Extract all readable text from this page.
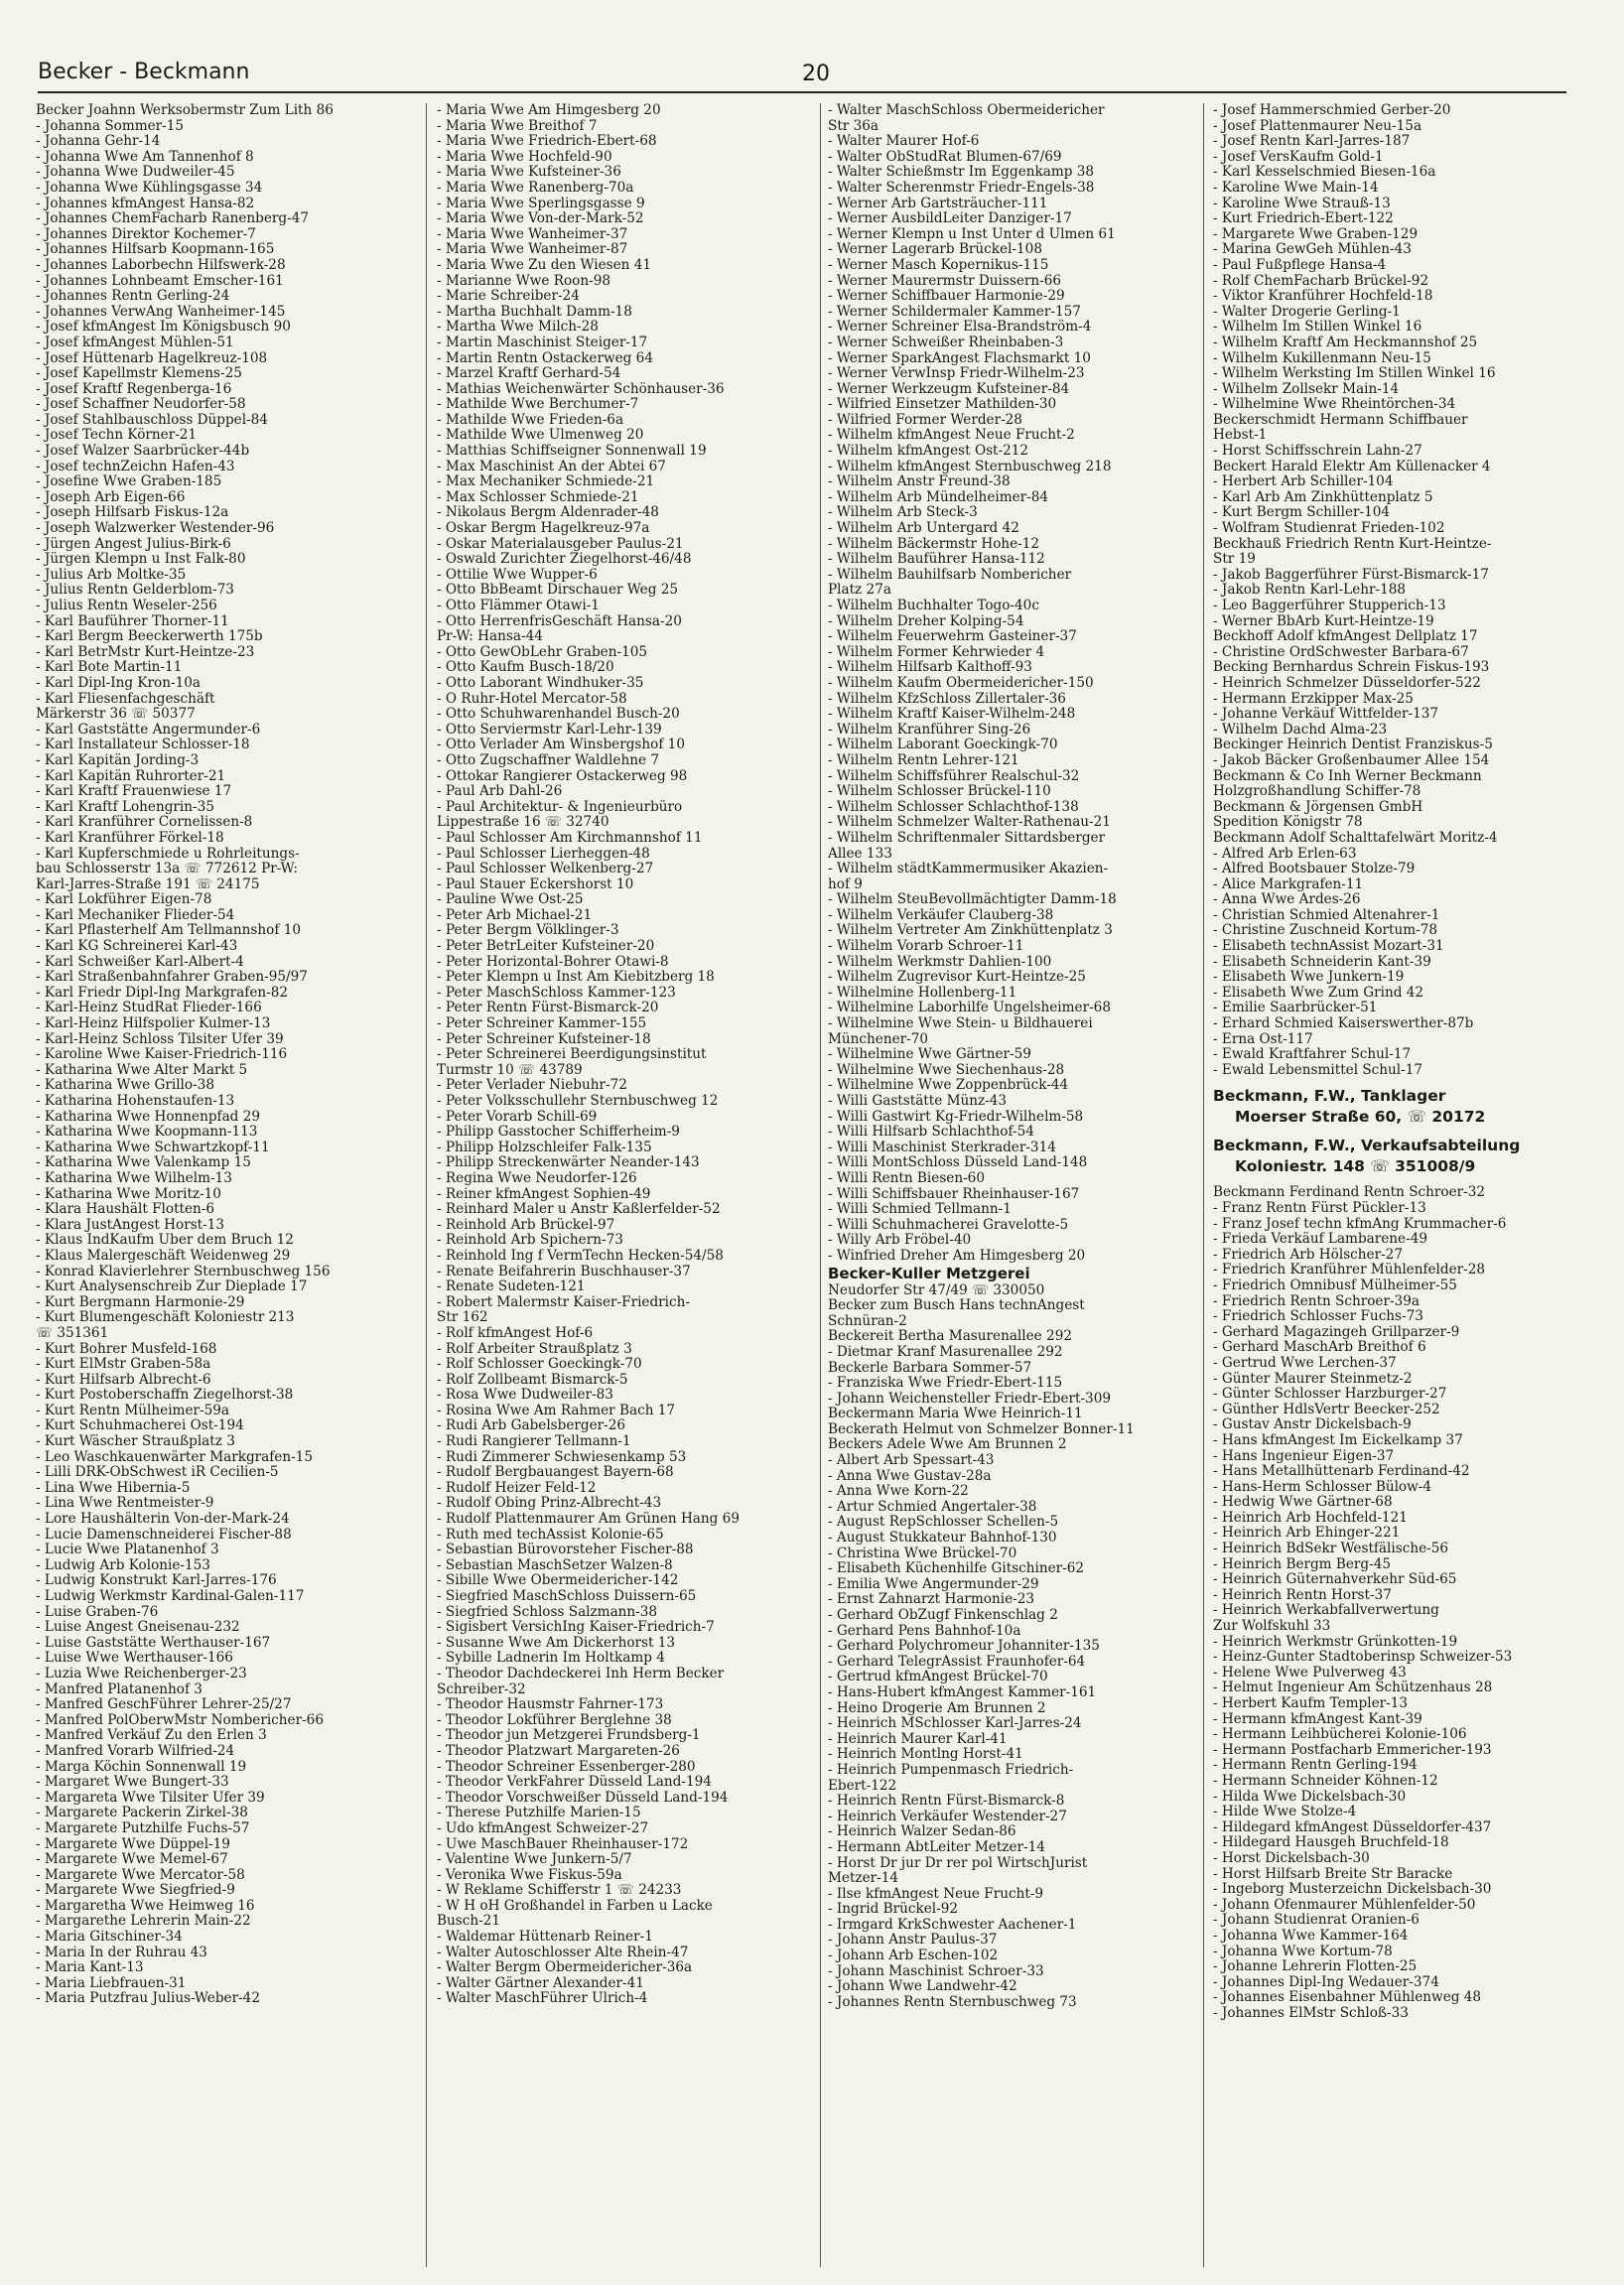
Becker - Beckmann	20
Becker Joahnn Werksobermstr Zum Lith 86
- Johanna Sommer-15
- Johanna Gehr-14
- Johanna Wwe Am Tannenhof 8
- Johanna Wwe Dudweiler-45
- Johanna Wwe Kühlingsgasse 34
- Johannes kfmAngest Hansa-82
- Johannes ChemFacharb Ranenberg-47
- Johannes Direktor Kochemer-7
- Johannes Hilfsarb Koopmann-165
- Johannes Laborbechn Hilfswerk-28
- Johannes Lohnbeamt Emscher-161
- Johannes Rentn Gerling-24
- Johannes VerwAng Wanheimer-145
- Josef kfmAngest Im Königsbusch 90
- Josef kfmAngest Mühlen-51
- Josef Hüttenarb Hagelkreuz-108
- Josef Kapellmstr Klemens-25
- Josef Kraftf Regenberga-16
- Josef Schaffner Neudorfer-58
- Josef Stahlbauschloss Düppel-84
- Josef Techn Körner-21
- Josef Walzer Saarbrücker-44b
- Josef technZeichn Hafen-43
- Josefine Wwe Graben-185
- Joseph Arb Eigen-66
- Joseph Hilfsarb Fiskus-12a
- Joseph Walzwerker Westender-96
- Jürgen Angest Julius-Birk-6
- Jürgen Klempn u Inst Falk-80
- Julius Arb Moltke-35
- Julius Rentn Gelderblom-73
- Julius Rentn Weseler-256
- Karl Bauführer Thorner-11
- Karl Bergm Beeckerwerth 175b
- Karl BetrMstr Kurt-Heintze-23
- Karl Bote Martin-11
- Karl Dipl-Ing Kron-10a
- Karl Fliesenfachgeschäft
Märkerstr 36 ☏ 50377
- Karl Gaststätte Angermunder-6
- Karl Installateur Schlosser-18
- Karl Kapitän Jording-3
- Karl Kapitän Ruhrorter-21
- Karl Kraftf Frauenwiese 17
- Karl Kraftf Lohengrin-35
- Karl Kranführer Cornelissen-8
- Karl Kranführer Förkel-18
- Karl Kupferschmiede u Rohrleitungs-
bau Schlosserstr 13a ☏ 772612 Pr-W:
Karl-Jarres-Straße 191 ☏ 24175
- Karl Lokführer Eigen-78
- Karl Mechaniker Flieder-54
- Karl Pflasterhelf Am Tellmannshof 10
- Karl KG Schreinerei Karl-43
- Karl Schweißer Karl-Albert-4
- Karl Straßenbahnfahrer Graben-95/97
- Karl Friedr Dipl-Ing Markgrafen-82
- Karl-Heinz StudRat Flieder-166
- Karl-Heinz Hilfspolier Kulmer-13
- Karl-Heinz Schloss Tilsiter Ufer 39
- Karoline Wwe Kaiser-Friedrich-116
- Katharina Wwe Alter Markt 5
- Katharina Wwe Grillo-38
- Katharina Hohenstaufen-13
- Katharina Wwe Honnenpfad 29
- Katharina Wwe Koopmann-113
- Katharina Wwe Schwartzkopf-11
- Katharina Wwe Valenkamp 15
- Katharina Wwe Wilhelm-13
- Katharina Wwe Moritz-10
- Klara Haushält Flotten-6
- Klara JustAngest Horst-13
- Klaus IndKaufm Über dem Bruch 12
- Klaus Malergeschäft Weidenweg 29
- Konrad Klavierlehrer Sternbuschweg 156
- Kurt Analysenschreib Zur Dieplade 17
- Kurt Bergmann Harmonie-29
- Kurt Blumengeschäft Koloniestr 213
☏ 351361
- Kurt Bohrer Musfeld-168
- Kurt ElMstr Graben-58a
- Kurt Hilfsarb Albrecht-6
- Kurt Postoberschaffn Ziegelhorst-38
- Kurt Rentn Mülheimer-59a
- Kurt Schuhmacherei Ost-194
- Kurt Wäscher Straußplatz 3
- Leo Waschkauenwärter Markgrafen-15
- Lilli DRK-ObSchwest iR Cecilien-5
- Lina Wwe Hibernia-5
- Lina Wwe Rentmeister-9
- Lore Haushälterin Von-der-Mark-24
- Lucie Damenschneiderei Fischer-88
- Lucie Wwe Platanenhof 3
- Ludwig Arb Kolonie-153
- Ludwig Konstrukt Karl-Jarres-176
- Ludwig Werkmstr Kardinal-Galen-117
- Luise Graben-76
- Luise Angest Gneisenau-232
- Luise Gaststätte Werthauser-167
- Luise Wwe Werthauser-166
- Luzia Wwe Reichenberger-23
- Manfred Platanenhof 3
- Manfred GeschFührer Lehrer-25/27
- Manfred PolOberwMstr Nombericher-66
- Manfred Verkäuf Zu den Erlen 3
- Manfred Vorarb Wilfried-24
- Marga Köchin Sonnenwall 19
- Margaret Wwe Bungert-33
- Margareta Wwe Tilsiter Ufer 39
- Margarete Packerin Zirkel-38
- Margarete Putzhilfe Fuchs-57
- Margarete Wwe Düppel-19
- Margarete Wwe Memel-67
- Margarete Wwe Mercator-58
- Margarete Wwe Siegfried-9
- Margaretha Wwe Heimweg 16
- Margarethe Lehrerin Main-22
- Maria Gitschiner-34
- Maria In der Ruhrau 43
- Maria Kant-13
- Maria Liebfrauen-31
- Maria Putzfrau Julius-Weber-42
- Maria Wwe Am Himgesberg 20
- Maria Wwe Breithof 7
- Maria Wwe Friedrich-Ebert-68
- Maria Wwe Hochfeld-90
- Maria Wwe Kufsteiner-36
- Maria Wwe Ranenberg-70a
- Maria Wwe Sperlingsgasse 9
- Maria Wwe Von-der-Mark-52
- Maria Wwe Wanheimer-37
- Maria Wwe Wanheimer-87
- Maria Wwe Zu den Wiesen 41
- Marianne Wwe Roon-98
- Marie Schreiber-24
- Martha Buchhalt Damm-18
- Martha Wwe Milch-28
- Martin Maschinist Steiger-17
- Martin Rentn Ostackerweg 64
- Marzel Kraftf Gerhard-54
- Mathias Weichenwärter Schönhauser-36
- Mathilde Wwe Berchumer-7
- Mathilde Wwe Frieden-6a
- Mathilde Wwe Ulmenweg 20
- Matthias Schiffseigner Sonnenwall 19
- Max Maschinist An der Abtei 67
- Max Mechaniker Schmiede-21
- Max Schlosser Schmiede-21
- Nikolaus Bergm Aldenrader-48
- Oskar Bergm Hagelkreuz-97a
- Oskar Materialausgeber Paulus-21
- Oswald Zurichter Ziegelhorst-46/48
- Ottilie Wwe Wupper-6
- Otto BbBeamt Dirschauer Weg 25
- Otto Flämmer Otawi-1
- Otto HerrenfrisGeschäft Hansa-20
Pr-W: Hansa-44
- Otto GewObLehr Graben-105
- Otto Kaufm Busch-18/20
- Otto Laborant Windhuker-35
- O Ruhr-Hotel Mercator-58
- Otto Schuhwarenhandel Busch-20
- Otto Serviermstr Karl-Lehr-139
- Otto Verlader Am Winsbergshof 10
- Otto Zugschaffner Waldlehne 7
- Ottokar Rangierer Ostackerweg 98
- Paul Arb Dahl-26
- Paul Architektur- & Ingenieurbüro
Lippestraße 16 ☏ 32740
- Paul Schlosser Am Kirchmannshof 11
- Paul Schlosser Lierheggen-48
- Paul Schlosser Welkenberg-27
- Paul Stauer Eckershorst 10
- Pauline Wwe Ost-25
- Peter Arb Michael-21
- Peter Bergm Völklinger-3
- Peter BetrLeiter Kufsteiner-20
- Peter Horizontal-Bohrer Otawi-8
- Peter Klempn u Inst Am Kiebitzberg 18
- Peter MaschSchloss Kammer-123
- Peter Rentn Fürst-Bismarck-20
- Peter Schreiner Kammer-155
- Peter Schreiner Kufsteiner-18
- Peter Schreinerei Beerdigungsinstitut
Turmstr 10 ☏ 43789
- Peter Verlader Niebuhr-72
- Peter Volksschullehr Sternbuschweg 12
- Peter Vorarb Schill-69
- Philipp Gasstocher Schifferheim-9
- Philipp Holzschleifer Falk-135
- Philipp Streckenwärter Neander-143
- Regina Wwe Neudorfer-126
- Reiner kfmAngest Sophien-49
- Reinhard Maler u Anstr Kaßlerfelder-52
- Reinhold Arb Brückel-97
- Reinhold Arb Spichern-73
- Reinhold Ing f VermTechn Hecken-54/58
- Renate Beifahrerin Buschhauser-37
- Renate Sudeten-121
- Robert Malermstr Kaiser-Friedrich-
Str 162
- Rolf kfmAngest Hof-6
- Rolf Arbeiter Straußplatz 3
- Rolf Schlosser Goeckingk-70
- Rolf Zollbeamt Bismarck-5
- Rosa Wwe Dudweiler-83
- Rosina Wwe Am Rahmer Bach 17
- Rudi Arb Gabelsberger-26
- Rudi Rangierer Tellmann-1
- Rudi Zimmerer Schwiesenkamp 53
- Rudolf Bergbauangest Bayern-68
- Rudolf Heizer Feld-12
- Rudolf Obing Prinz-Albrecht-43
- Rudolf Plattenmaurer Am Grünen Hang 69
- Ruth med techAssist Kolonie-65
- Sebastian Bürovorsteher Fischer-88
- Sebastian MaschSetzer Walzen-8
- Sibille Wwe Obermeidericher-142
- Siegfried MaschSchloss Duissern-65
- Siegfried Schloss Salzmann-38
- Sigisbert VersichIng Kaiser-Friedrich-7
- Susanne Wwe Am Dickerhorst 13
- Sybille Ladnerin Im Holtkamp 4
- Theodor Dachdeckerei Inh Herm Becker
Schreiber-32
- Theodor Hausmstr Fahrner-173
- Theodor Lokführer Berglehne 38
- Theodor jun Metzgerei Frundsberg-1
- Theodor Platzwart Margareten-26
- Theodor Schreiner Essenberger-280
- Theodor VerkFahrer Düsseld Land-194
- Theodor Vorschweißer Düsseld Land-194
- Therese Putzhilfe Marien-15
- Udo kfmAngest Schweizer-27
- Uwe MaschBauer Rheinhauser-172
- Valentine Wwe Junkern-5/7
- Veronika Wwe Fiskus-59a
- W Reklame Schifferstr 1 ☏ 24233
- W H oH Großhandel in Farben u Lacke
Busch-21
- Waldemar Hüttenarb Reiner-1
- Walter Autoschlosser Alte Rhein-47
- Walter Bergm Obermeidericher-36a
- Walter Gärtner Alexander-41
- Walter MaschFührer Ulrich-4
- Walter MaschSchloss Obermeidericher
Str 36a
- Walter Maurer Hof-6
- Walter ObStudRat Blumen-67/69
- Walter Schießmstr Im Eggenkamp 38
- Walter Scherenmstr Friedr-Engels-38
- Werner Arb Gartsträucher-111
- Werner AusbildLeiter Danziger-17
- Werner Klempn u Inst Unter d Ulmen 61
- Werner Lagerarb Brückel-108
- Werner Masch Kopernikus-115
- Werner Maurermstr Duissern-66
- Werner Schiffbauer Harmonie-29
- Werner Schildermaler Kammer-157
- Werner Schreiner Elsa-Brandström-4
- Werner Schweißer Rheinbaben-3
- Werner SparkAngest Flachsmarkt 10
- Werner VerwInsp Friedr-Wilhelm-23
- Werner Werkzeugm Kufsteiner-84
- Wilfried Einsetzer Mathilden-30
- Wilfried Former Werder-28
- Wilhelm kfmAngest Neue Frucht-2
- Wilhelm kfmAngest Ost-212
- Wilhelm kfmAngest Sternbuschweg 218
- Wilhelm Anstr Freund-38
- Wilhelm Arb Mündelheimer-84
- Wilhelm Arb Steck-3
- Wilhelm Arb Untergard 42
- Wilhelm Bäckermstr Hohe-12
- Wilhelm Bauführer Hansa-112
- Wilhelm Bauhilfsarb Nombericher
Platz 27a
- Wilhelm Buchhalter Togo-40c
- Wilhelm Dreher Kolping-54
- Wilhelm Feuerwehrm Gasteiner-37
- Wilhelm Former Kehrwieder 4
- Wilhelm Hilfsarb Kalthoff-93
- Wilhelm Kaufm Obermeidericher-150
- Wilhelm KfzSchloss Zillertaler-36
- Wilhelm Kraftf Kaiser-Wilhelm-248
- Wilhelm Kranführer Sing-26
- Wilhelm Laborant Goeckingk-70
- Wilhelm Rentn Lehrer-121
- Wilhelm Schiffsführer Realschul-32
- Wilhelm Schlosser Brückel-110
- Wilhelm Schlosser Schlachthof-138
- Wilhelm Schmelzer Walter-Rathenau-21
- Wilhelm Schriftenmaler Sittardsberger
Allee 133
- Wilhelm städtKammermusiker Akazien-
hof 9
- Wilhelm SteuBevollmächtigter Damm-18
- Wilhelm Verkäufer Clauberg-38
- Wilhelm Vertreter Am Zinkhüttenplatz 3
- Wilhelm Vorarb Schroer-11
- Wilhelm Werkmstr Dahlien-100
- Wilhelm Zugrevisor Kurt-Heintze-25
- Wilhelmine Hollenberg-11
- Wilhelmine Laborhilfe Ungelsheimer-68
- Wilhelmine Wwe Stein- u Bildhauerei
Münchener-70
- Wilhelmine Wwe Gärtner-59
- Wilhelmine Wwe Siechenhaus-28
- Wilhelmine Wwe Zoppenbrück-44
- Willi Gaststätte Münz-43
- Willi Gastwirt Kg-Friedr-Wilhelm-58
- Willi Hilfsarb Schlachthof-54
- Willi Maschinist Sterkrader-314
- Willi MontSchloss Düsseld Land-148
- Willi Rentn Biesen-60
- Willi Schiffsbauer Rheinhauser-167
- Willi Schmied Tellmann-1
- Willi Schuhmacherei Gravelotte-5
- Willy Arb Fröbel-40
- Winfried Dreher Am Himgesberg 20
Becker-Kuller Metzgerei
Neudorfer Str 47/49 ☏ 330050
Becker zum Busch Hans technAngest
Schnüran-2
Beckereit Bertha Masurenallee 292
- Dietmar Kranf Masurenallee 292
Beckerle Barbara Sommer-57
- Franziska Wwe Friedr-Ebert-115
- Johann Weichensteller Friedr-Ebert-309
Beckermann Maria Wwe Heinrich-11
Beckerath Helmut von Schmelzer Bonner-11
Beckers Adele Wwe Am Brunnen 2
- Albert Arb Spessart-43
- Anna Wwe Gustav-28a
- Anna Wwe Korn-22
- Artur Schmied Angertaler-38
- August RepSchlosser Schellen-5
- August Stukkateur Bahnhof-130
- Christina Wwe Brückel-70
- Elisabeth Küchenhilfe Gitschiner-62
- Emilia Wwe Angermunder-29
- Ernst Zahnarzt Harmonie-23
- Gerhard ObZugf Finkenschlag 2
- Gerhard Pens Bahnhof-10a
- Gerhard Polychromeur Johanniter-135
- Gerhard TelegrAssist Fraunhofer-64
- Gertrud kfmAngest Brückel-70
- Hans-Hubert kfmAngest Kammer-161
- Heino Drogerie Am Brunnen 2
- Heinrich MSchlosser Karl-Jarres-24
- Heinrich Maurer Karl-41
- Heinrich Montlng Horst-41
- Heinrich Pumpenmasch Friedrich-
Ebert-122
- Heinrich Rentn Fürst-Bismarck-8
- Heinrich Verkäufer Westender-27
- Heinrich Walzer Sedan-86
- Hermann AbtLeiter Metzer-14
- Horst Dr jur Dr rer pol WirtschJurist
Metzer-14
- Ilse kfmAngest Neue Frucht-9
- Ingrid Brückel-92
- Irmgard KrkSchwester Aachener-1
- Johann Anstr Paulus-37
- Johann Arb Eschen-102
- Johann Maschinist Schroer-33
- Johann Wwe Landwehr-42
- Johannes Rentn Sternbuschweg 73
- Josef Hammerschmied Gerber-20
- Josef Plattenmaurer Neu-15a
- Josef Rentn Karl-Jarres-187
- Josef VersKaufm Gold-1
- Karl Kesselschmied Biesen-16a
- Karoline Wwe Main-14
- Karoline Wwe Strauß-13
- Kurt Friedrich-Ebert-122
- Margarete Wwe Graben-129
- Marina GewGeh Mühlen-43
- Paul Fußpflege Hansa-4
- Rolf ChemFacharb Brückel-92
- Viktor Kranführer Hochfeld-18
- Walter Drogerie Gerling-1
- Wilhelm Im Stillen Winkel 16
- Wilhelm Kraftf Am Heckmannshof 25
- Wilhelm Kukillenmann Neu-15
- Wilhelm Werksting Im Stillen Winkel 16
- Wilhelm Zollsekr Main-14
- Wilhelmine Wwe Rheintörchen-34
Beckerschmidt Hermann Schiffbauer
Hebst-1
- Horst Schiffsschrein Lahn-27
Beckert Harald Elektr Am Küllenacker 4
- Herbert Arb Schiller-104
- Karl Arb Am Zinkhüttenplatz 5
- Kurt Bergm Schiller-104
- Wolfram Studienrat Frieden-102
Beckhauß Friedrich Rentn Kurt-Heintze-
Str 19
- Jakob Baggerführer Fürst-Bismarck-17
- Jakob Rentn Karl-Lehr-188
- Leo Baggerführer Stupperich-13
- Werner BbArb Kurt-Heintze-19
Beckhoff Adolf kfmAngest Dellplatz 17
- Christine OrdSchwester Barbara-67
Becking Bernhardus Schrein Fiskus-193
- Heinrich Schmelzer Düsseldorfer-522
- Hermann Erzkipper Max-25
- Johanne Verkäuf Wittfelder-137
- Wilhelm Dachd Alma-23
Beckinger Heinrich Dentist Franziskus-5
- Jakob Bäcker Großenbaumer Allee 154
Beckmann & Co Inh Werner Beckmann
Holzgroßhandlung Schiffer-78
Beckmann & Jörgensen GmbH
Spedition Königstr 78
Beckmann Adolf Schalttafelwärt Moritz-4
- Alfred Arb Erlen-63
- Alfred Bootsbauer Stolze-79
- Alice Markgrafen-11
- Anna Wwe Ardes-26
- Christian Schmied Altenahrer-1
- Christine Zuschneid Kortum-78
- Elisabeth technAssist Mozart-31
- Elisabeth Schneiderin Kant-39
- Elisabeth Wwe Junkern-19
- Elisabeth Wwe Zum Grind 42
- Emilie Saarbrücker-51
- Erhard Schmied Kaiserswerther-87b
- Erna Ost-117
- Ewald Kraftfahrer Schul-17
- Ewald Lebensmittel Schul-17
Beckmann, F.W., Tanklager
Moerser Straße 60, ☏ 20172
Beckmann, F.W., Verkaufsabteilung
Koloniestr. 148 ☏ 351008/9
Beckmann Ferdinand Rentn Schroer-32
- Franz Rentn Fürst Pückler-13
- Franz Josef techn kfmAng Krummacher-6
- Frieda Verkäuf Lambarene-49
- Friedrich Arb Hölscher-27
- Friedrich Kranführer Mühlenfelder-28
- Friedrich Omnibusf Mülheimer-55
- Friedrich Rentn Schroer-39a
- Friedrich Schlosser Fuchs-73
- Gerhard Magazingeh Grillparzer-9
- Gerhard MaschArb Breithof 6
- Gertrud Wwe Lerchen-37
- Günter Maurer Steinmetz-2
- Günter Schlosser Harzburger-27
- Günther HdlsVertr Beecker-252
- Gustav Anstr Dickelsbach-9
- Hans kfmAngest Im Eickelkamp 37
- Hans Ingenieur Eigen-37
- Hans Metallhüttenarb Ferdinand-42
- Hans-Herm Schlosser Bülow-4
- Hedwig Wwe Gärtner-68
- Heinrich Arb Hochfeld-121
- Heinrich Arb Ehinger-221
- Heinrich BdSekr Westfälische-56
- Heinrich Bergm Berg-45
- Heinrich Güternahverkehr Süd-65
- Heinrich Rentn Horst-37
- Heinrich Werkabfallverwertung
Zur Wolfskuhl 33
- Heinrich Werkmstr Grünkotten-19
- Heinz-Gunter Stadtoberinsp Schweizer-53
- Helene Wwe Pulverweg 43
- Helmut Ingenieur Am Schützenhaus 28
- Herbert Kaufm Templer-13
- Hermann kfmAngest Kant-39
- Hermann Leihbücherei Kolonie-106
- Hermann Postfacharb Emmericher-193
- Hermann Rentn Gerling-194
- Hermann Schneider Köhnen-12
- Hilda Wwe Dickelsbach-30
- Hilde Wwe Stolze-4
- Hildegard kfmAngest Düsseldorfer-437
- Hildegard Hausgeh Bruchfeld-18
- Horst Dickelsbach-30
- Horst Hilfsarb Breite Str Baracke
- Ingeborg Musterzeichn Dickelsbach-30
- Johann Ofenmaurer Mühlenfelder-50
- Johann Studienrat Oranien-6
- Johanna Wwe Kammer-164
- Johanna Wwe Kortum-78
- Johanne Lehrerin Flotten-25
- Johannes Dipl-Ing Wedauer-374
- Johannes Eisenbahner Mühlenweg 48
- Johannes ElMstr Schloß-33
